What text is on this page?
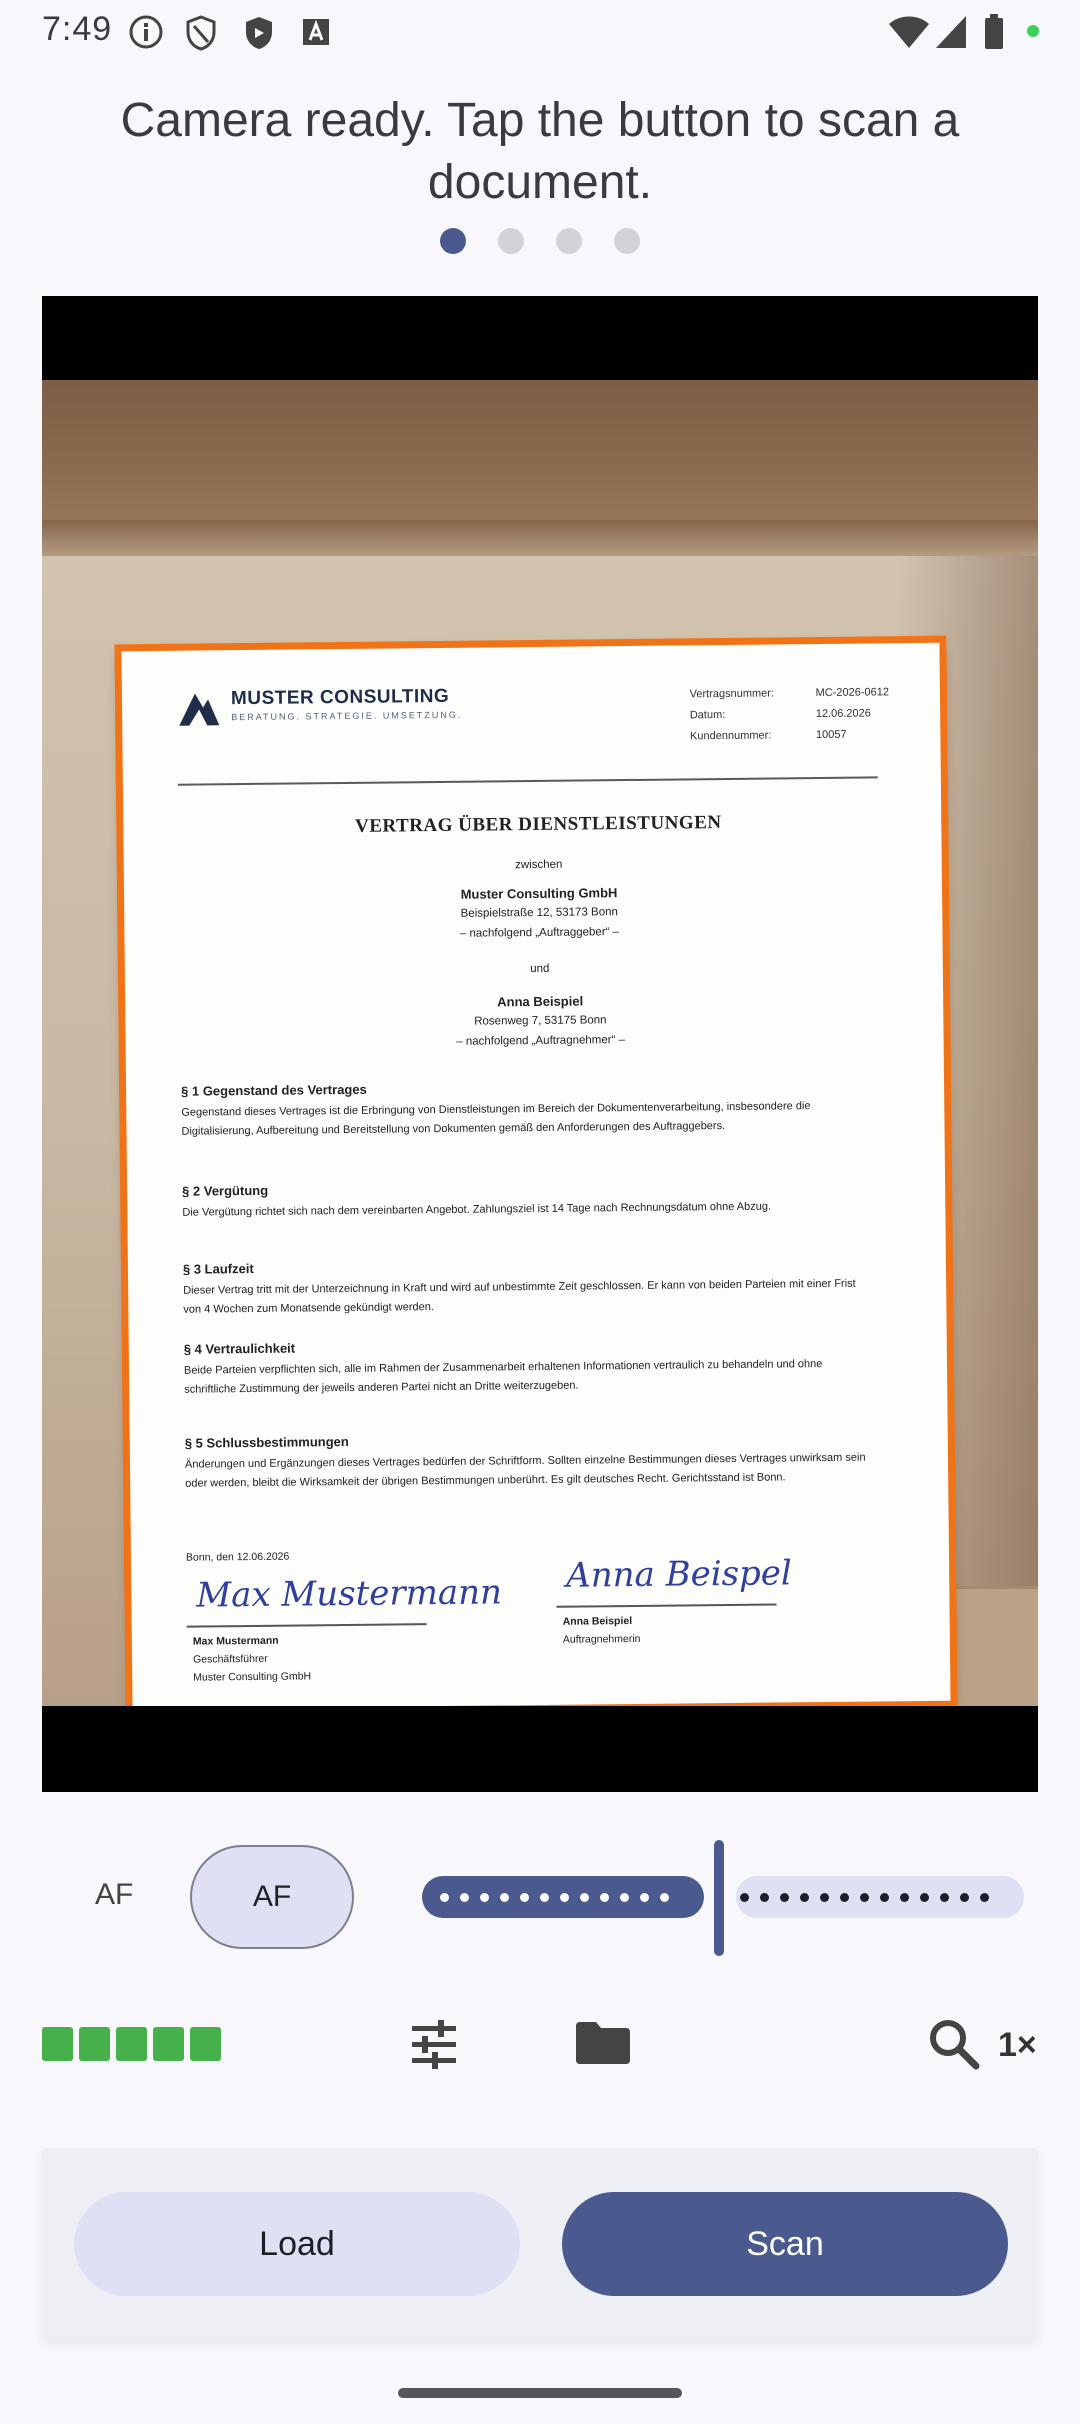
7:49
Camera ready. Tap the button to scan a document.
MUSTER CONSULTING
BERATUNG. STRATEGIE. UMSETZUNG.
Vertragsnummer:	MC-2026-0612
Datum:	12.06.2026
Kundennummer:	10057
VERTRAG ÜBER DIENSTLEISTUNGEN
zwischen
Muster Consulting GmbH
Beispielstraße 12, 53173 Bonn
– nachfolgend „Auftraggeber“ –
und
Anna Beispiel
Rosenweg 7, 53175 Bonn
– nachfolgend „Auftragnehmer“ –
§ 1 Gegenstand des Vertrages

Gegenstand dieses Vertrages ist die Erbringung von Dienstleistungen im Bereich der Dokumentenverarbeitung, insbesondere die Digitalisierung, Aufbereitung und Bereitstellung von Dokumenten gemäß den Anforderungen des Auftraggebers.

§ 2 Vergütung

Die Vergütung richtet sich nach dem vereinbarten Angebot. Zahlungsziel ist 14 Tage nach Rechnungsdatum ohne Abzug.

§ 3 Laufzeit

Dieser Vertrag tritt mit der Unterzeichnung in Kraft und wird auf unbestimmte Zeit geschlossen. Er kann von beiden Parteien mit einer Frist von 4 Wochen zum Monatsende gekündigt werden.

§ 4 Vertraulichkeit

Beide Parteien verpflichten sich, alle im Rahmen der Zusammenarbeit erhaltenen Informationen vertraulich zu behandeln und ohne schriftliche Zustimmung der jeweils anderen Partei nicht an Dritte weiterzugeben.

§ 5 Schlussbestimmungen

Änderungen und Ergänzungen dieses Vertrages bedürfen der Schriftform. Sollten einzelne Bestimmungen dieses Vertrages unwirksam sein oder werden, bleibt die Wirksamkeit der übrigen Bestimmungen unberührt. Es gilt deutsches Recht. Gerichtsstand ist Bonn.

Bonn, den 12.06.2026
Max Mustermann
Max Mustermann
Geschäftsführer
Muster Consulting GmbH
Anna Beispel
Anna Beispiel
Auftragnehmerin
AF	AF
1×
Load	Scan
